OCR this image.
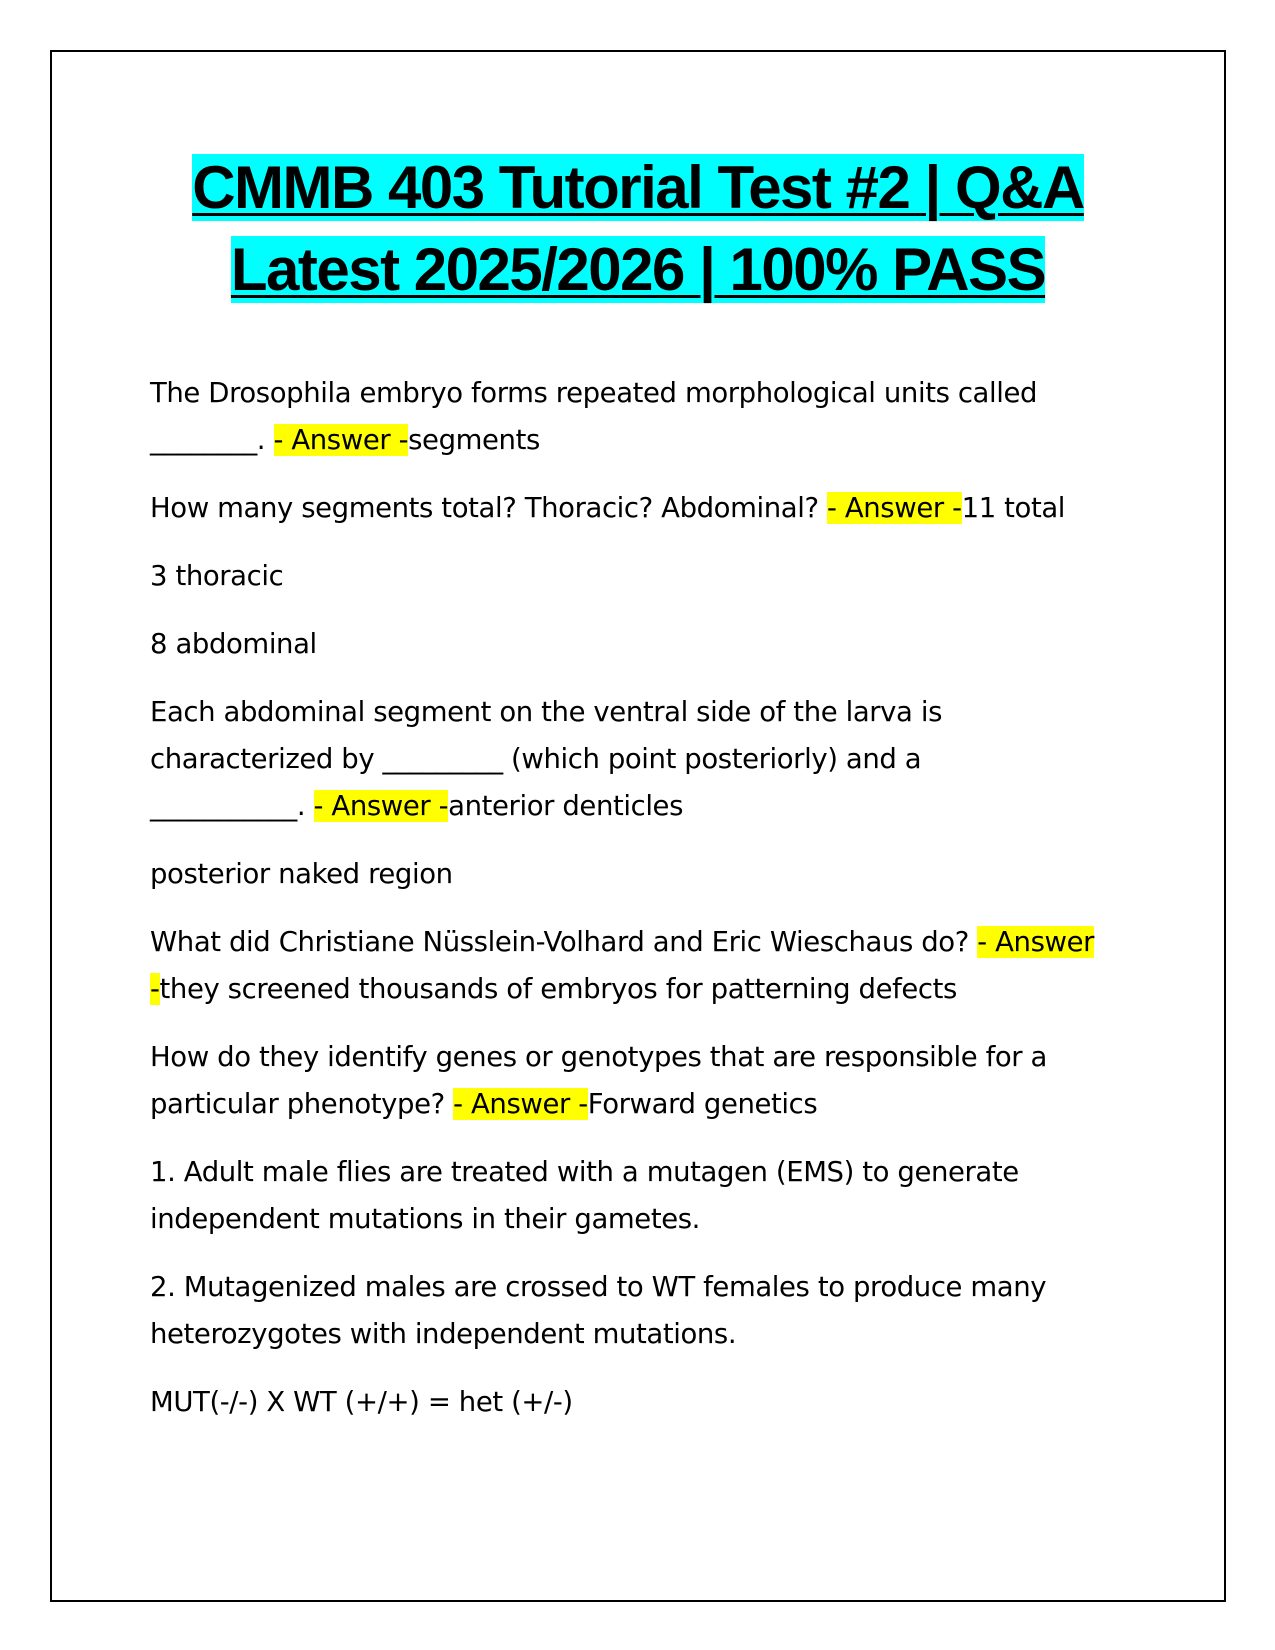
CMMB 403 Tutorial Test #2 | Q&A
Latest 2025/2026 | 100% PASS

The Drosophila embryo forms repeated morphological units called
________. - Answer -segments

How many segments total? Thoracic? Abdominal? - Answer -11 total

3 thoracic

8 abdominal

Each abdominal segment on the ventral side of the larva is
characterized by _________ (which point posteriorly) and a
___________. - Answer -anterior denticles

posterior naked region

What did Christiane Nüsslein-Volhard and Eric Wieschaus do? - Answer
-they screened thousands of embryos for patterning defects

How do they identify genes or genotypes that are responsible for a
particular phenotype? - Answer -Forward genetics

1. Adult male flies are treated with a mutagen (EMS) to generate
independent mutations in their gametes.

2. Mutagenized males are crossed to WT females to produce many
heterozygotes with independent mutations.

MUT(-/-) X WT (+/+) = het (+/-)
